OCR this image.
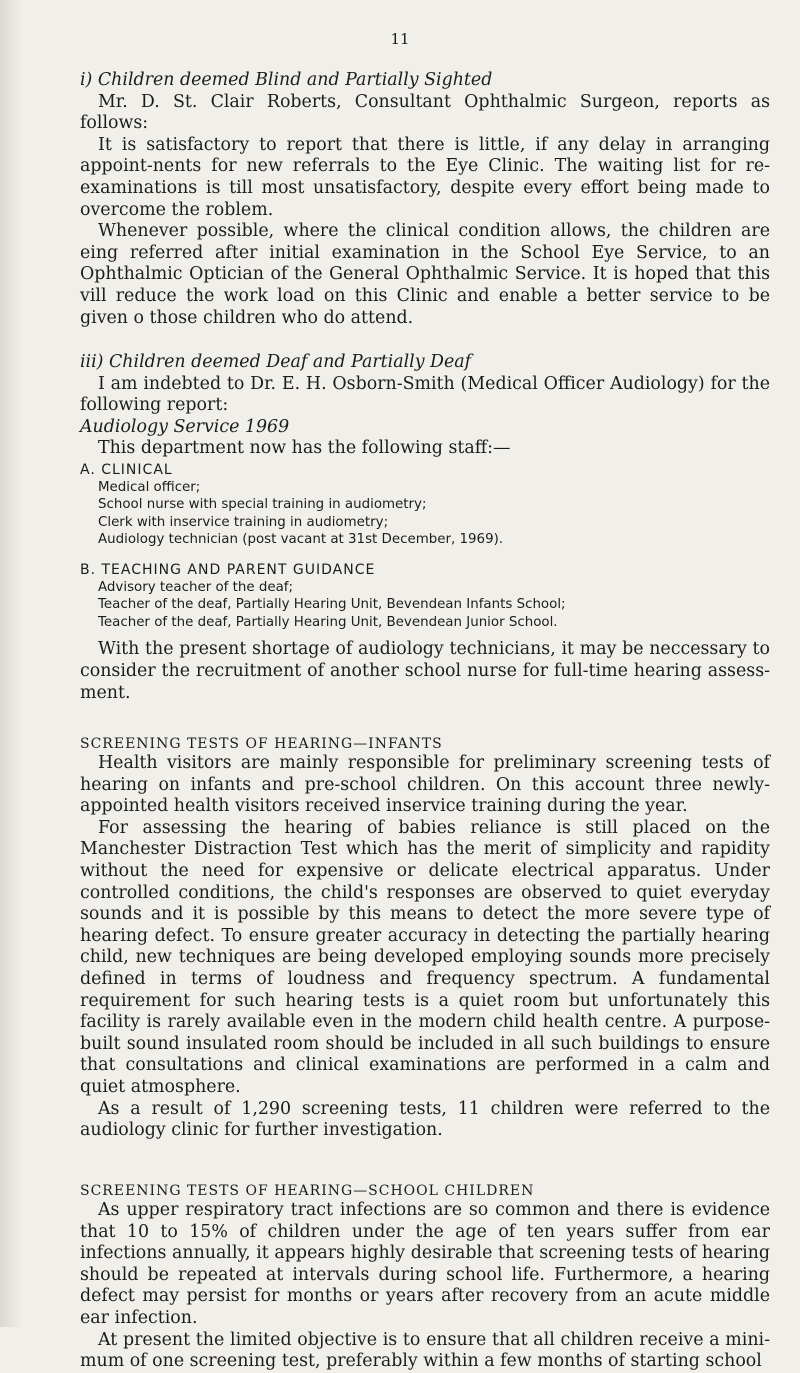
11

i) Children deemed Blind and Partially Sighted

Mr. D. St. Clair Roberts, Consultant Ophthalmic Surgeon, reports as follows:

It is satisfactory to report that there is little, if any delay in arranging appoint-nents for new referrals to the Eye Clinic. The waiting list for re-examinations is till most unsatisfactory, despite every effort being made to overcome the roblem.

Whenever possible, where the clinical condition allows, the children are eing referred after initial examination in the School Eye Service, to an Ophthalmic Optician of the General Ophthalmic Service. It is hoped that this vill reduce the work load on this Clinic and enable a better service to be given o those children who do attend.

iii) Children deemed Deaf and Partially Deaf

I am indebted to Dr. E. H. Osborn-Smith (Medical Officer Audiology) for the following report:

Audiology Service 1969

This department now has the following staff:—

A. CLINICAL

Medical officer;
School nurse with special training in audiometry;
Clerk with inservice training in audiometry;
Audiology technician (post vacant at 31st December, 1969).

B. TEACHING AND PARENT GUIDANCE

Advisory teacher of the deaf;
Teacher of the deaf, Partially Hearing Unit, Bevendean Infants School;
Teacher of the deaf, Partially Hearing Unit, Bevendean Junior School.

With the present shortage of audiology technicians, it may be neccessary to consider the recruitment of another school nurse for full-time hearing assess-ment.

SCREENING TESTS OF HEARING—INFANTS

Health visitors are mainly responsible for preliminary screening tests of hearing on infants and pre-school children. On this account three newly-appointed health visitors received inservice training during the year.

For assessing the hearing of babies reliance is still placed on the Manchester Distraction Test which has the merit of simplicity and rapidity without the need for expensive or delicate electrical apparatus. Under controlled conditions, the child's responses are observed to quiet everyday sounds and it is possible by this means to detect the more severe type of hearing defect. To ensure greater accuracy in detecting the partially hearing child, new techniques are being developed employing sounds more precisely defined in terms of loudness and frequency spectrum. A fundamental requirement for such hearing tests is a quiet room but unfortunately this facility is rarely available even in the modern child health centre. A purpose-built sound insulated room should be included in all such buildings to ensure that consultations and clinical examinations are performed in a calm and quiet atmosphere.

As a result of 1,290 screening tests, 11 children were referred to the audiology clinic for further investigation.

SCREENING TESTS OF HEARING—SCHOOL CHILDREN

As upper respiratory tract infections are so common and there is evidence that 10 to 15% of children under the age of ten years suffer from ear infections annually, it appears highly desirable that screening tests of hearing should be repeated at intervals during school life. Furthermore, a hearing defect may persist for months or years after recovery from an acute middle ear infection.

At present the limited objective is to ensure that all children receive a mini-mum of one screening test, preferably within a few months of starting school
